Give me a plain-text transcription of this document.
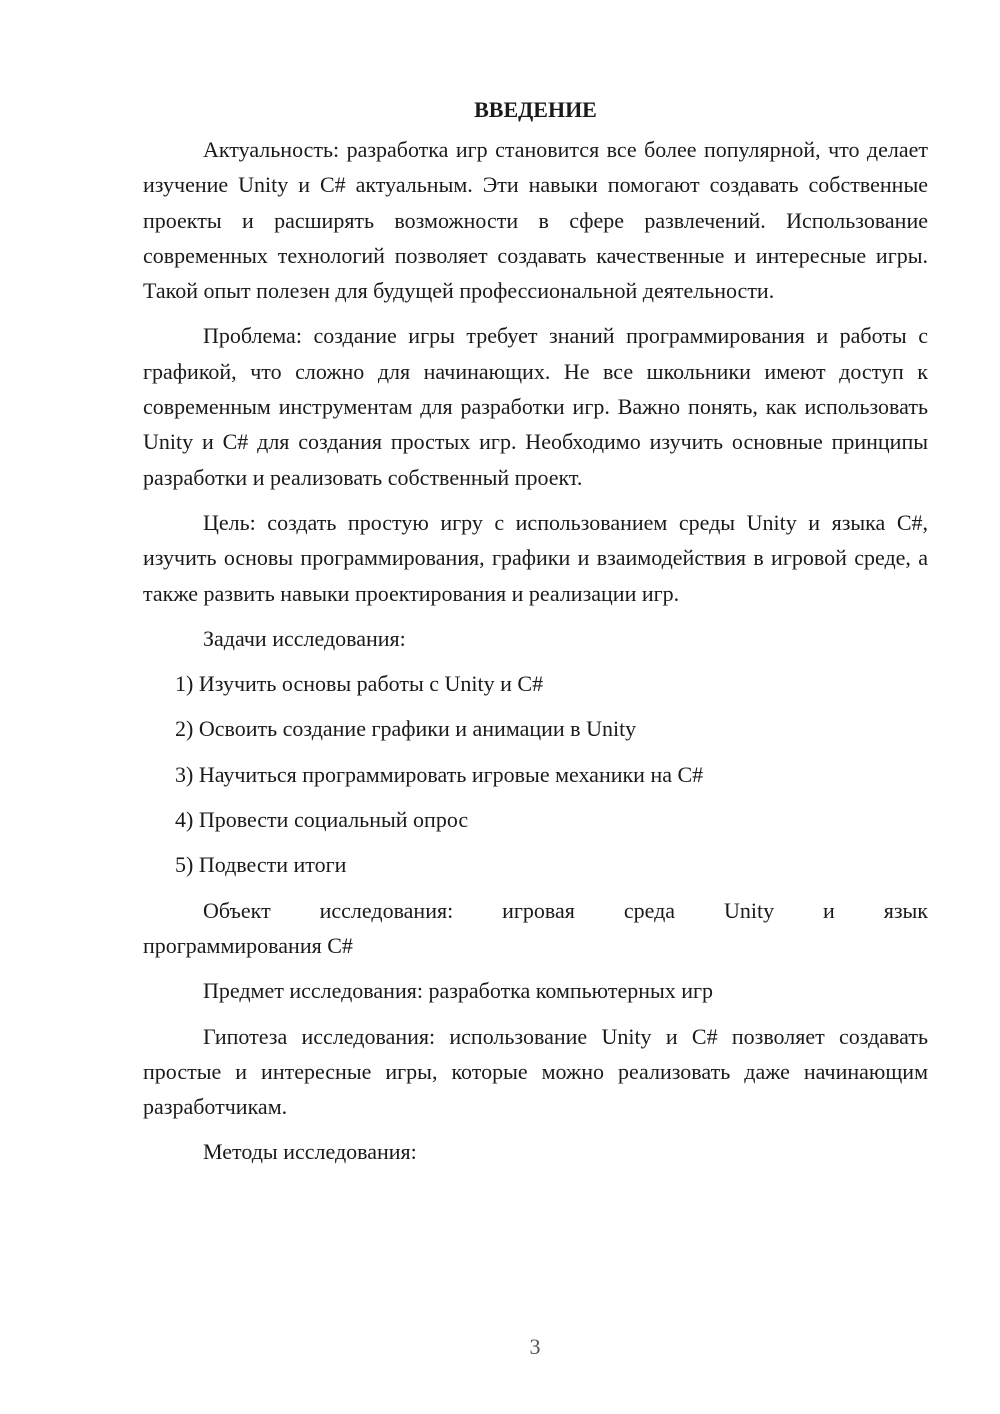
ВВЕДЕНИЕ

Актуальность: разработка игр становится все более популярной, что делает изучение Unity и C# актуальным. Эти навыки помогают создавать собственные проекты и расширять возможности в сфере развлечений. Использование современных технологий позволяет создавать качественные и интересные игры. Такой опыт полезен для будущей профессиональной деятельности.

Проблема: создание игры требует знаний программирования и работы с графикой, что сложно для начинающих. Не все школьники имеют доступ к современным инструментам для разработки игр. Важно понять, как использовать Unity и C# для создания простых игр. Необходимо изучить основные принципы разработки и реализовать собственный проект.

Цель: создать простую игру с использованием среды Unity и языка C#, изучить основы программирования, графики и взаимодействия в игровой среде, а также развить навыки проектирования и реализации игр.

Задачи исследования:

1) Изучить основы работы с Unity и C#
2) Освоить создание графики и анимации в Unity
3) Научиться программировать игровые механики на C#
4) Провести социальный опрос
5) Подвести итоги

Объект исследования: игровая среда Unity и язык

программирования C#

Предмет исследования: разработка компьютерных игр

Гипотеза исследования: использование Unity и C# позволяет создавать простые и интересные игры, которые можно реализовать даже начинающим разработчикам.

Методы исследования:

3
